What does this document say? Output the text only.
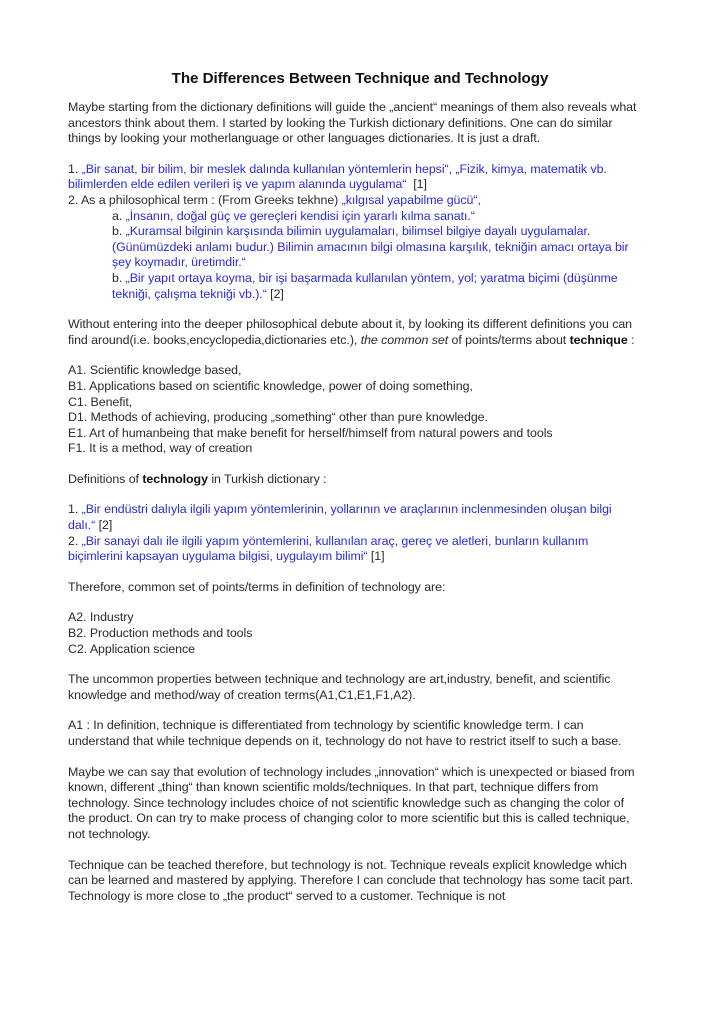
The Differences Between Technique and Technology

Maybe starting from the dictionary definitions will guide the „ancient“ meanings of them also reveals what ancestors think about them. I started by looking the Turkish dictionary definitions. One can do similar things by looking your motherlanguage or other languages dictionaries. It is just a draft.

1. „Bir sanat, bir bilim, bir meslek dalında kullanılan yöntemlerin hepsi“, „Fizik, kimya, matematik vb. bilimlerden elde edilen verileri iş ve yapım alanında uygulama“ [1]

2. As a philosophical term : (From Greeks tekhne) „kılgısal yapabilme gücü“,

a. „İnsanın, doğal güç ve gereçleri kendisi için yararlı kılma sanatı.“

b. „Kuramsal bilginin karşısında bilimin uygulamaları, bilimsel bilgiye dayalı uygulamalar. (Günümüzdeki anlamı budur.) Bilimin amacının bilgi olmasına karşılık, tekniğin amacı ortaya bir şey koymadır, üretimdir.“

b. „Bir yapıt ortaya koyma, bir işi başarmada kullanılan yöntem, yol; yaratma biçimi (düşünme tekniği, çalışma tekniği vb.).“ [2]

Without entering into the deeper philosophical debute about it, by looking its different definitions you can find around(i.e. books,encyclopedia,dictionaries etc.), the common set of points/terms about technique :

A1. Scientific knowledge based,

B1. Applications based on scientific knowledge, power of doing something,

C1. Benefit,

D1. Methods of achieving, producing „something“ other than pure knowledge.

E1. Art of humanbeing that make benefit for herself/himself from natural powers and tools

F1. It is a method, way of creation

Definitions of technology in Turkish dictionary :

1. „Bir endüstri dalıyla ilgili yapım yöntemlerinin, yollarının ve araçlarının inclenmesinden oluşan bilgi dalı.“ [2]

2. „Bir sanayi dalı ile ilgili yapım yöntemlerini, kullanılan araç, gereç ve aletleri, bunların kullanım biçimlerini kapsayan uygulama bilgisi, uygulayım bilimi“ [1]

Therefore, common set of points/terms in definition of technology are:

A2. Industry

B2. Production methods and tools

C2. Application science

The uncommon properties between technique and technology are art,industry, benefit, and scientific knowledge and method/way of creation terms(A1,C1,E1,F1,A2).

A1 : In definition, technique is differentiated from technology by scientific knowledge term. I can understand that while technique depends on it, technology do not have to restrict itself to such a base.

Maybe we can say that evolution of technology includes „innovation“ which is unexpected or biased from known, different „thing“ than known scientific molds/techniques. In that part, technique differs from technology. Since technology includes choice of not scientific knowledge such as changing the color of the product. On can try to make process of changing color to more scientific but this is called technique, not technology.

Technique can be teached therefore, but technology is not. Technique reveals explicit knowledge which can be learned and mastered by applying. Therefore I can conclude that technology has some tacit part. Technology is more close to „the product“ served to a customer. Technique is not
